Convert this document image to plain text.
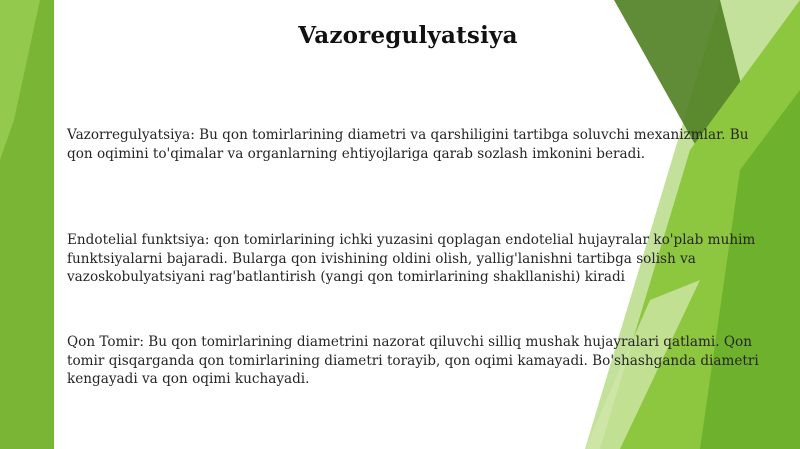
Vazoregulyatsiya

Vazorregulyatsiya: Bu qon tomirlarining diametri va qarshiligini tartibga soluvchi mexanizmlar. Bu qon oqimini to'qimalar va organlarning ehtiyojlariga qarab sozlash imkonini beradi.

Endotelial funktsiya: qon tomirlarining ichki yuzasini qoplagan endotelial hujayralar ko'plab muhim funktsiyalarni bajaradi. Bularga qon ivishining oldini olish, yallig'lanishni tartibga solish va vazoskobulyatsiyani rag'batlantirish (yangi qon tomirlarining shakllanishi) kiradi

Qon Tomir: Bu qon tomirlarining diametrini nazorat qiluvchi silliq mushak hujayralari qatlami. Qon tomir qisqarganda qon tomirlarining diametri torayib, qon oqimi kamayadi. Bo'shashganda diametri kengayadi va qon oqimi kuchayadi.
